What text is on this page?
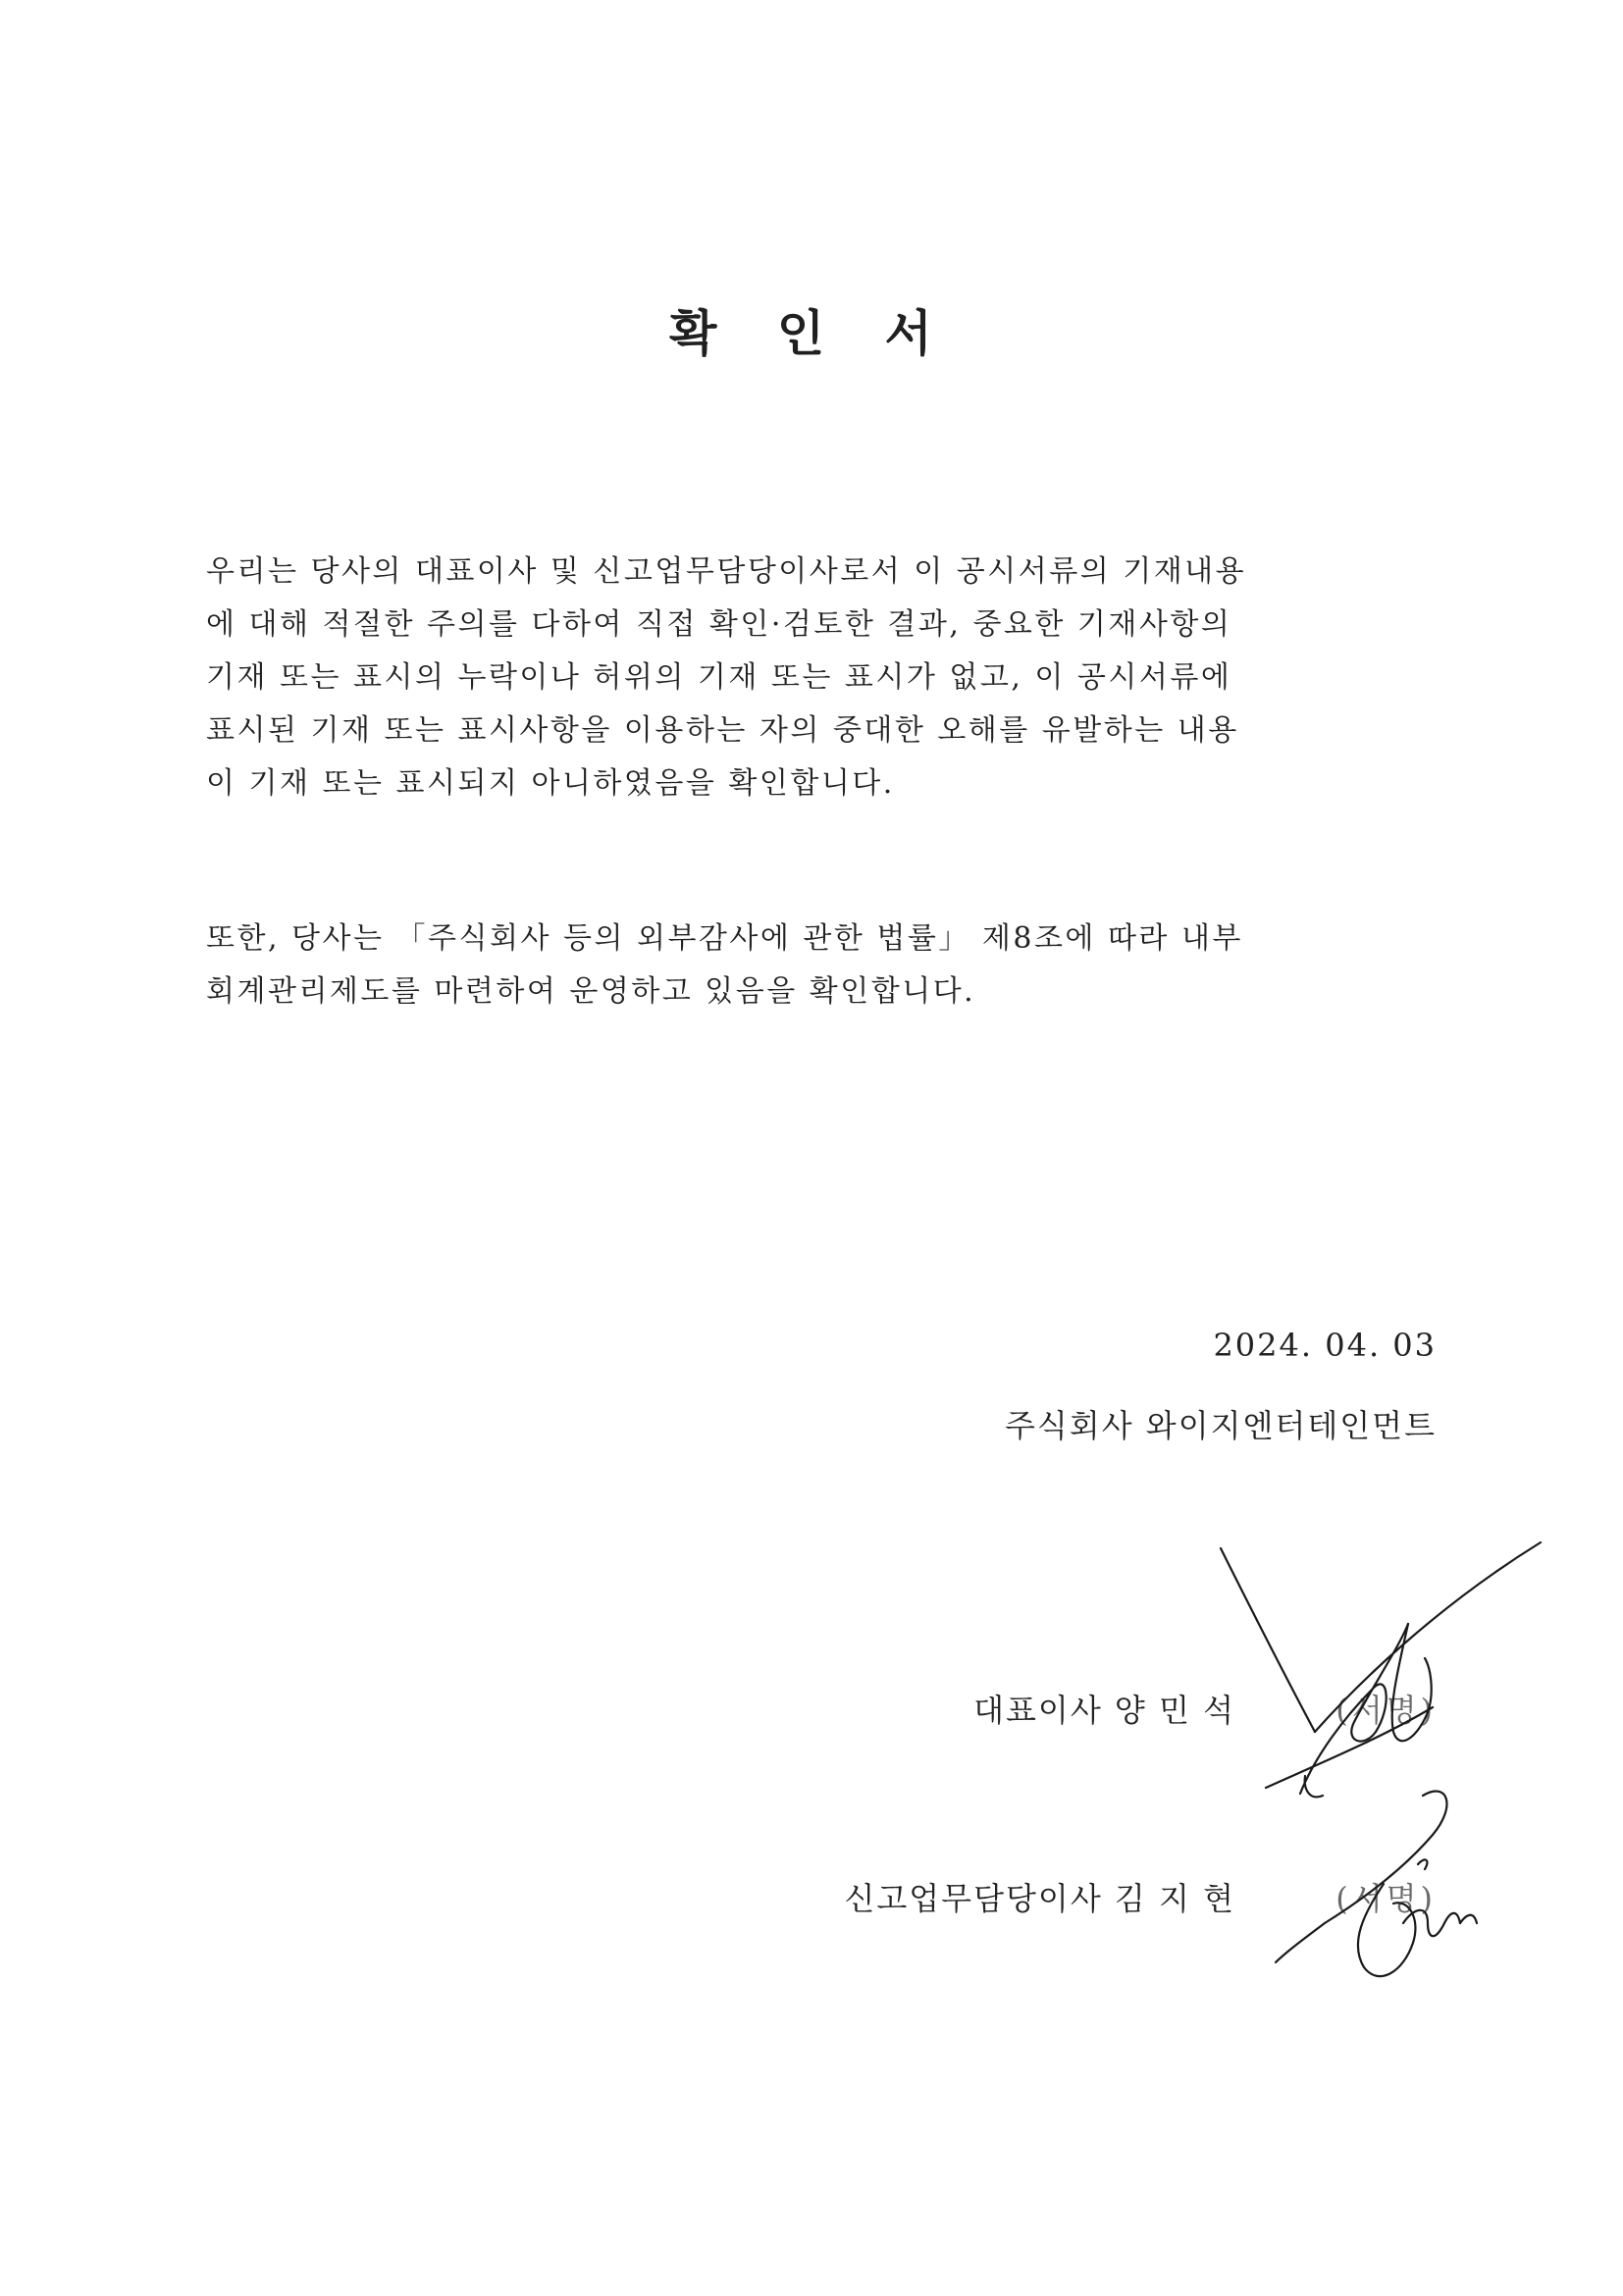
확 인 서

우리는 당사의 대표이사 및 신고업무담당이사로서 이 공시서류의 기재내용
에 대해 적절한 주의를 다하여 직접 확인·검토한 결과, 중요한 기재사항의
기재 또는 표시의 누락이나 허위의 기재 또는 표시가 없고, 이 공시서류에
표시된 기재 또는 표시사항을 이용하는 자의 중대한 오해를 유발하는 내용
이 기재 또는 표시되지 아니하였음을 확인합니다.

또한, 당사는 「주식회사 등의 외부감사에 관한 법률」 제8조에 따라 내부
회계관리제도를 마련하여 운영하고 있음을 확인합니다.

2024. 04. 03
주식회사 와이지엔터테인먼트
대표이사 양 민 석	(서명)
신고업무담당이사 김 지 현	(서명)
